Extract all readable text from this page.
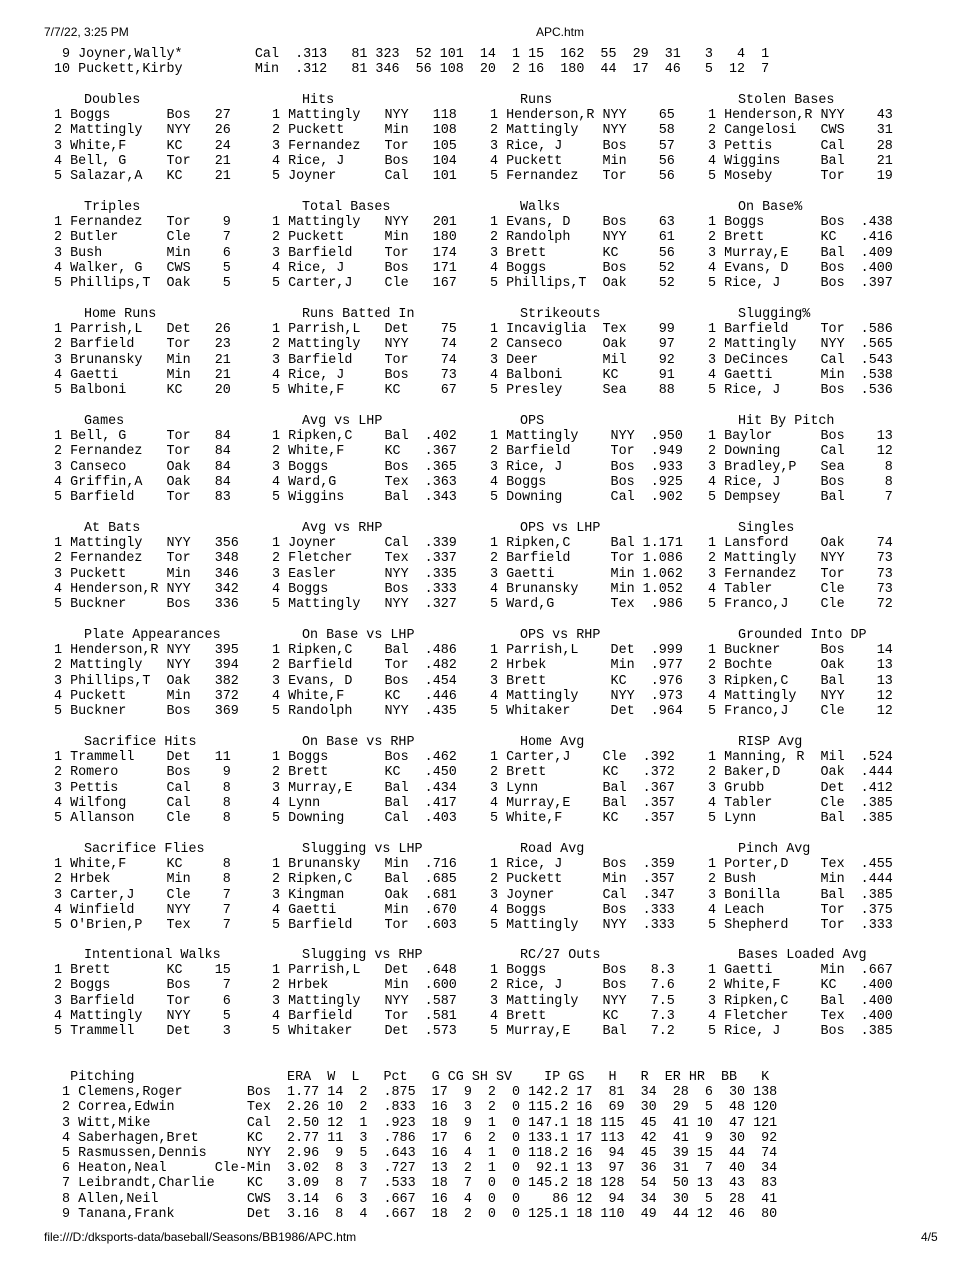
7/7/22, 3:25 PM	APC.htm
9 Joyner,Wally*         Cal  .313   81 323  52 101  14  1 15  162  55  29  31   3   4  1
10 Puckett,Kirby         Min  .312   81 346  56 108  20  2 16  180  44  17  46   5  12  7
Doubles
1 Boggs       Bos   27
2 Mattingly   NYY   26
3 White,F     KC    24
4 Bell, G     Tor   21
5 Salazar,A   KC    21
Hits
1 Mattingly   NYY   118
2 Puckett     Min   108
3 Fernandez   Tor   105
4 Rice, J     Bos   104
5 Joyner      Cal   101
Runs
1 Henderson,R NYY    65
2 Mattingly   NYY    58
3 Rice, J     Bos    57
4 Puckett     Min    56
5 Fernandez   Tor    56
Stolen Bases
1 Henderson,R NYY    43
2 Cangelosi   CWS    31
3 Pettis      Cal    28
4 Wiggins     Bal    21
5 Moseby      Tor    19
Triples
1 Fernandez   Tor    9
2 Butler      Cle    7
3 Bush        Min    6
4 Walker, G   CWS    5
5 Phillips,T  Oak    5
Total Bases
1 Mattingly   NYY   201
2 Puckett     Min   180
3 Barfield    Tor   174
4 Rice, J     Bos   171
5 Carter,J    Cle   167
Walks
1 Evans, D    Bos    63
2 Randolph    NYY    61
3 Brett       KC     56
4 Boggs       Bos    52
5 Phillips,T  Oak    52
On Base%
1 Boggs       Bos  .438
2 Brett       KC   .416
3 Murray,E    Bal  .409
4 Evans, D    Bos  .400
5 Rice, J     Bos  .397
Home Runs
1 Parrish,L   Det   26
2 Barfield    Tor   23
3 Brunansky   Min   21
4 Gaetti      Min   21
5 Balboni     KC    20
Runs Batted In
1 Parrish,L   Det    75
2 Mattingly   NYY    74
3 Barfield    Tor    74
4 Rice, J     Bos    73
5 White,F     KC     67
Strikeouts
1 Incaviglia  Tex    99
2 Canseco     Oak    97
3 Deer        Mil    92
4 Balboni     KC     91
5 Presley     Sea    88
Slugging%
1 Barfield    Tor  .586
2 Mattingly   NYY  .565
3 DeCinces    Cal  .543
4 Gaetti      Min  .538
5 Rice, J     Bos  .536
Games
1 Bell, G     Tor   84
2 Fernandez   Tor   84
3 Canseco     Oak   84
4 Griffin,A   Oak   84
5 Barfield    Tor   83
Avg vs LHP
1 Ripken,C    Bal  .402
2 White,F     KC   .367
3 Boggs       Bos  .365
4 Ward,G      Tex  .363
5 Wiggins     Bal  .343
OPS
1 Mattingly    NYY  .950
2 Barfield     Tor  .949
3 Rice, J      Bos  .933
4 Boggs        Bos  .925
5 Downing      Cal  .902
Hit By Pitch
1 Baylor      Bos    13
2 Downing     Cal    12
3 Bradley,P   Sea     8
4 Rice, J     Bos     8
5 Dempsey     Bal     7
At Bats
1 Mattingly   NYY   356
2 Fernandez   Tor   348
3 Puckett     Min   346
4 Henderson,R NYY   342
5 Buckner     Bos   336
Avg vs RHP
1 Joyner      Cal  .339
2 Fletcher    Tex  .337
3 Easler      NYY  .335
4 Boggs       Bos  .333
5 Mattingly   NYY  .327
OPS vs LHP
1 Ripken,C     Bal 1.171
2 Barfield     Tor 1.086
3 Gaetti       Min 1.062
4 Brunansky    Min 1.052
5 Ward,G       Tex  .986
Singles
1 Lansford    Oak    74
2 Mattingly   NYY    73
3 Fernandez   Tor    73
4 Tabler      Cle    73
5 Franco,J    Cle    72
Plate Appearances
1 Henderson,R NYY   395
2 Mattingly   NYY   394
3 Phillips,T  Oak   382
4 Puckett     Min   372
5 Buckner     Bos   369
On Base vs LHP
1 Ripken,C    Bal  .486
2 Barfield    Tor  .482
3 Evans, D    Bos  .454
4 White,F     KC   .446
5 Randolph    NYY  .435
OPS vs RHP
1 Parrish,L    Det  .999
2 Hrbek        Min  .977
3 Brett        KC   .976
4 Mattingly    NYY  .973
5 Whitaker     Det  .964
Grounded Into DP
1 Buckner     Bos    14
2 Bochte      Oak    13
3 Ripken,C    Bal    13
4 Mattingly   NYY    12
5 Franco,J    Cle    12
Sacrifice Hits
1 Trammell    Det   11
2 Romero      Bos    9
3 Pettis      Cal    8
4 Wilfong     Cal    8
5 Allanson    Cle    8
On Base vs RHP
1 Boggs       Bos  .462
2 Brett       KC   .450
3 Murray,E    Bal  .434
4 Lynn        Bal  .417
5 Downing     Cal  .403
Home Avg
1 Carter,J    Cle  .392
2 Brett       KC   .372
3 Lynn        Bal  .367
4 Murray,E    Bal  .357
5 White,F     KC   .357
RISP Avg
1 Manning, R  Mil  .524
2 Baker,D     Oak  .444
3 Grubb       Det  .412
4 Tabler      Cle  .385
5 Lynn        Bal  .385
Sacrifice Flies
1 White,F     KC     8
2 Hrbek       Min    8
3 Carter,J    Cle    7
4 Winfield    NYY    7
5 O'Brien,P   Tex    7
Slugging vs LHP
1 Brunansky   Min  .716
2 Ripken,C    Bal  .685
3 Kingman     Oak  .681
4 Gaetti      Min  .670
5 Barfield    Tor  .603
Road Avg
1 Rice, J     Bos  .359
2 Puckett     Min  .357
3 Joyner      Cal  .347
4 Boggs       Bos  .333
5 Mattingly   NYY  .333
Pinch Avg
1 Porter,D    Tex  .455
2 Bush        Min  .444
3 Bonilla     Bal  .385
4 Leach       Tor  .375
5 Shepherd    Tor  .333
Intentional Walks
1 Brett       KC    15
2 Boggs       Bos    7
3 Barfield    Tor    6
4 Mattingly   NYY    5
5 Trammell    Det    3
Slugging vs RHP
1 Parrish,L   Det  .648
2 Hrbek       Min  .600
3 Mattingly   NYY  .587
4 Barfield    Tor  .581
5 Whitaker    Det  .573
RC/27 Outs
1 Boggs       Bos   8.3
2 Rice, J     Bos   7.6
3 Mattingly   NYY   7.5
4 Brett       KC    7.3
5 Murray,E    Bal   7.2
Bases Loaded Avg
1 Gaetti      Min  .667
2 White,F     KC   .400
3 Ripken,C    Bal  .400
4 Fletcher    Tex  .400
5 Rice, J     Bos  .385
Pitching                   ERA  W  L   Pct   G CG SH SV    IP GS   H   R  ER HR  BB   K
1 Clemens,Roger        Bos  1.77 14  2  .875  17  9  2  0 142.2 17  81  34  28  6  30 138
2 Correa,Edwin         Tex  2.26 10  2  .833  16  3  2  0 115.2 16  69  30  29  5  48 120
3 Witt,Mike            Cal  2.50 12  1  .923  18  9  1  0 147.1 18 115  45  41 10  47 121
4 Saberhagen,Bret      KC   2.77 11  3  .786  17  6  2  0 133.1 17 113  42  41  9  30  92
5 Rasmussen,Dennis     NYY  2.96  9  5  .643  16  4  1  0 118.2 16  94  45  39 15  44  74
6 Heaton,Neal      Cle-Min  3.02  8  3  .727  13  2  1  0  92.1 13  97  36  31  7  40  34
7 Leibrandt,Charlie    KC   3.09  8  7  .533  18  7  0  0 145.2 18 128  54  50 13  43  83
8 Allen,Neil           CWS  3.14  6  3  .667  16  4  0  0    86 12  94  34  30  5  28  41
9 Tanana,Frank         Det  3.16  8  4  .667  18  2  0  0 125.1 18 110  49  44 12  46  80
file:///D:/dksports-data/baseball/Seasons/BB1986/APC.htm	4/5
